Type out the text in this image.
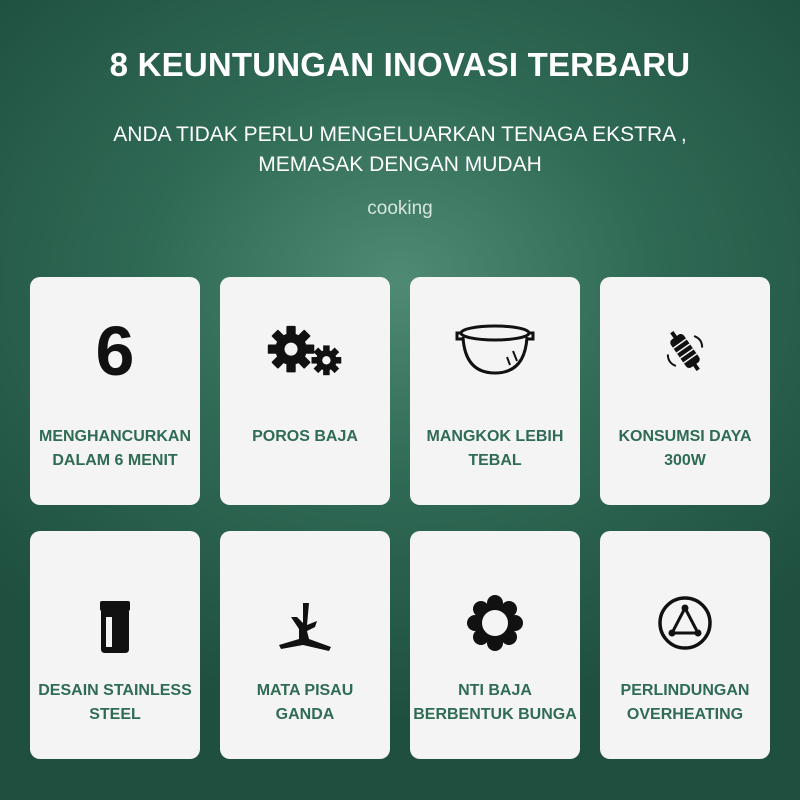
8 KEUNTUNGAN INOVASI TERBARU
ANDA TIDAK PERLU MENGELUARKAN TENAGA EKSTRA ,
MEMASAK DENGAN MUDAH
cooking
6
MENGHANCURKAN
DALAM 6 MENIT
POROS BAJA	MANGKOK LEBIH
TEBAL
KONSUMSI DAYA
300W
DESAIN STAINLESS
STEEL
MATA PISAU
GANDA
NTI BAJA
BERBENTUK BUNGA
PERLINDUNGAN
OVERHEATING
